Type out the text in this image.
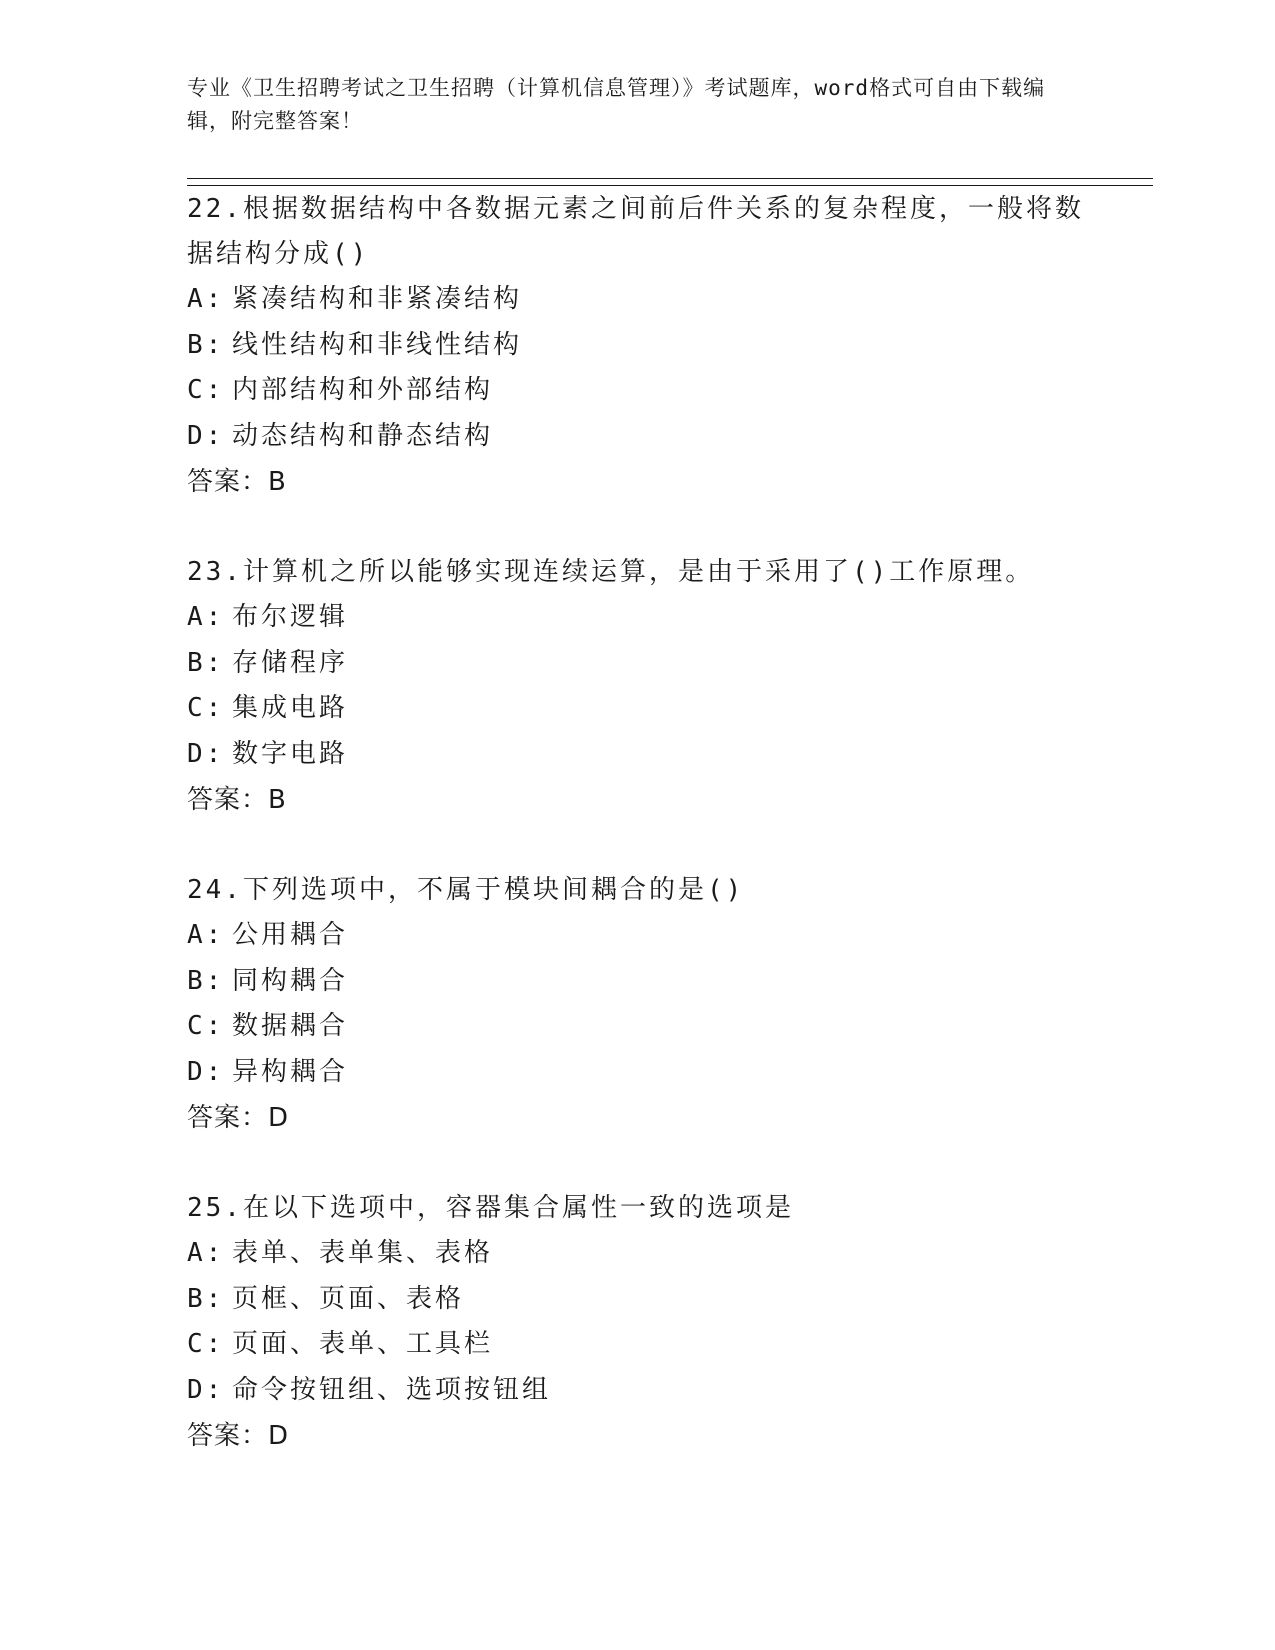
专业《卫生招聘考试之卫生招聘（计算机信息管理）》考试题库，word格式可自由下载编辑，附完整答案！
22.根据数据结构中各数据元素之间前后件关系的复杂程度，一般将数据结构分成()
A: 紧凑结构和非紧凑结构
B: 线性结构和非线性结构
C: 内部结构和外部结构
D: 动态结构和静态结构
答案：B
23.计算机之所以能够实现连续运算，是由于采用了()工作原理。
A: 布尔逻辑
B: 存储程序
C: 集成电路
D: 数字电路
答案：B
24.下列选项中，不属于模块间耦合的是()
A: 公用耦合
B: 同构耦合
C: 数据耦合
D: 异构耦合
答案：D
25.在以下选项中，容器集合属性一致的选项是
A: 表单、表单集、表格
B: 页框、页面、表格
C: 页面、表单、工具栏
D: 命令按钮组、选项按钮组
答案：D
